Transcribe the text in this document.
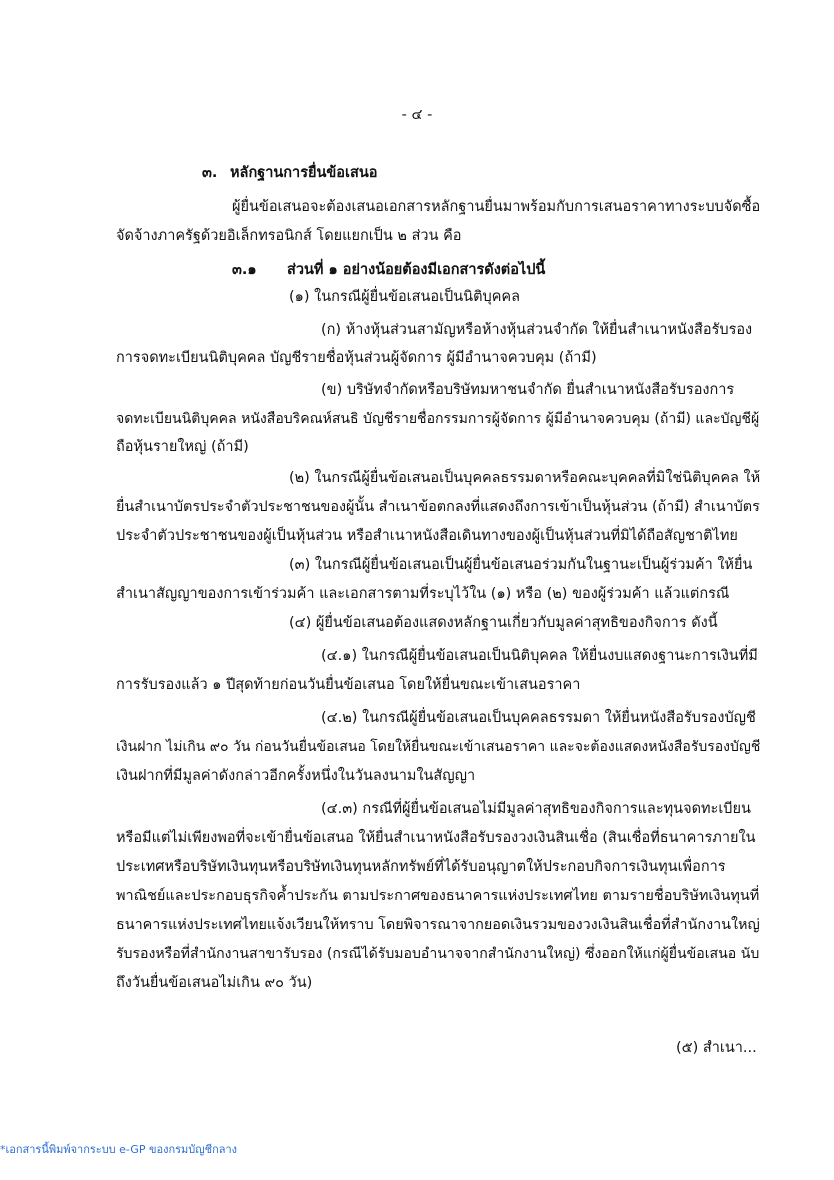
- ๔ -
๓. หลักฐานการยื่นข้อเสนอ
ผู้ยื่นข้อเสนอจะต้องเสนอเอกสารหลักฐานยื่นมาพร้อมกับการเสนอราคาทางระบบจัดซื้อ
จัดจ้างภาครัฐด้วยอิเล็กทรอนิกส์ โดยแยกเป็น ๒ ส่วน คือ
๓.๑ ส่วนที่ ๑ อย่างน้อยต้องมีเอกสารดังต่อไปนี้
(๑) ในกรณีผู้ยื่นข้อเสนอเป็นนิติบุคคล
(ก) ห้างหุ้นส่วนสามัญหรือห้างหุ้นส่วนจำกัด ให้ยื่นสำเนาหนังสือรับรอง
การจดทะเบียนนิติบุคคล บัญชีรายชื่อหุ้นส่วนผู้จัดการ ผู้มีอำนาจควบคุม (ถ้ามี)
(ข) บริษัทจำกัดหรือบริษัทมหาชนจำกัด ยื่นสำเนาหนังสือรับรองการ
จดทะเบียนนิติบุคคล หนังสือบริคณห์สนธิ บัญชีรายชื่อกรรมการผู้จัดการ ผู้มีอำนาจควบคุม (ถ้ามี) และบัญชีผู้
ถือหุ้นรายใหญ่ (ถ้ามี)
(๒) ในกรณีผู้ยื่นข้อเสนอเป็นบุคคลธรรมดาหรือคณะบุคคลที่มิใช่นิติบุคคล ให้
ยื่นสำเนาบัตรประจำตัวประชาชนของผู้นั้น สำเนาข้อตกลงที่แสดงถึงการเข้าเป็นหุ้นส่วน (ถ้ามี) สำเนาบัตร
ประจำตัวประชาชนของผู้เป็นหุ้นส่วน หรือสำเนาหนังสือเดินทางของผู้เป็นหุ้นส่วนที่มิได้ถือสัญชาติไทย
(๓) ในกรณีผู้ยื่นข้อเสนอเป็นผู้ยื่นข้อเสนอร่วมกันในฐานะเป็นผู้ร่วมค้า ให้ยื่น
สำเนาสัญญาของการเข้าร่วมค้า และเอกสารตามที่ระบุไว้ใน (๑) หรือ (๒) ของผู้ร่วมค้า แล้วแต่กรณี
(๔) ผู้ยื่นข้อเสนอต้องแสดงหลักฐานเกี่ยวกับมูลค่าสุทธิของกิจการ ดังนี้
(๔.๑) ในกรณีผู้ยื่นข้อเสนอเป็นนิติบุคคล ให้ยื่นงบแสดงฐานะการเงินที่มี
การรับรองแล้ว ๑ ปีสุดท้ายก่อนวันยื่นข้อเสนอ โดยให้ยื่นขณะเข้าเสนอราคา
(๔.๒) ในกรณีผู้ยื่นข้อเสนอเป็นบุคคลธรรมดา ให้ยื่นหนังสือรับรองบัญชี
เงินฝาก ไม่เกิน ๙๐ วัน ก่อนวันยื่นข้อเสนอ โดยให้ยื่นขณะเข้าเสนอราคา และจะต้องแสดงหนังสือรับรองบัญชี
เงินฝากที่มีมูลค่าดังกล่าวอีกครั้งหนึ่งในวันลงนามในสัญญา
(๔.๓) กรณีที่ผู้ยื่นข้อเสนอไม่มีมูลค่าสุทธิของกิจการและทุนจดทะเบียน
หรือมีแต่ไม่เพียงพอที่จะเข้ายื่นข้อเสนอ ให้ยื่นสำเนาหนังสือรับรองวงเงินสินเชื่อ (สินเชื่อที่ธนาคารภายใน
ประเทศหรือบริษัทเงินทุนหรือบริษัทเงินทุนหลักทรัพย์ที่ได้รับอนุญาตให้ประกอบกิจการเงินทุนเพื่อการ
พาณิชย์และประกอบธุรกิจค้ำประกัน ตามประกาศของธนาคารแห่งประเทศไทย ตามรายชื่อบริษัทเงินทุนที่
ธนาคารแห่งประเทศไทยแจ้งเวียนให้ทราบ โดยพิจารณาจากยอดเงินรวมของวงเงินสินเชื่อที่สำนักงานใหญ่
รับรองหรือที่สำนักงานสาขารับรอง (กรณีได้รับมอบอำนาจจากสำนักงานใหญ่) ซึ่งออกให้แก่ผู้ยื่นข้อเสนอ นับ
ถึงวันยื่นข้อเสนอไม่เกิน ๙๐ วัน)
(๕) สำเนา...
*เอกสารนี้พิมพ์จากระบบ e-GP ของกรมบัญชีกลาง
